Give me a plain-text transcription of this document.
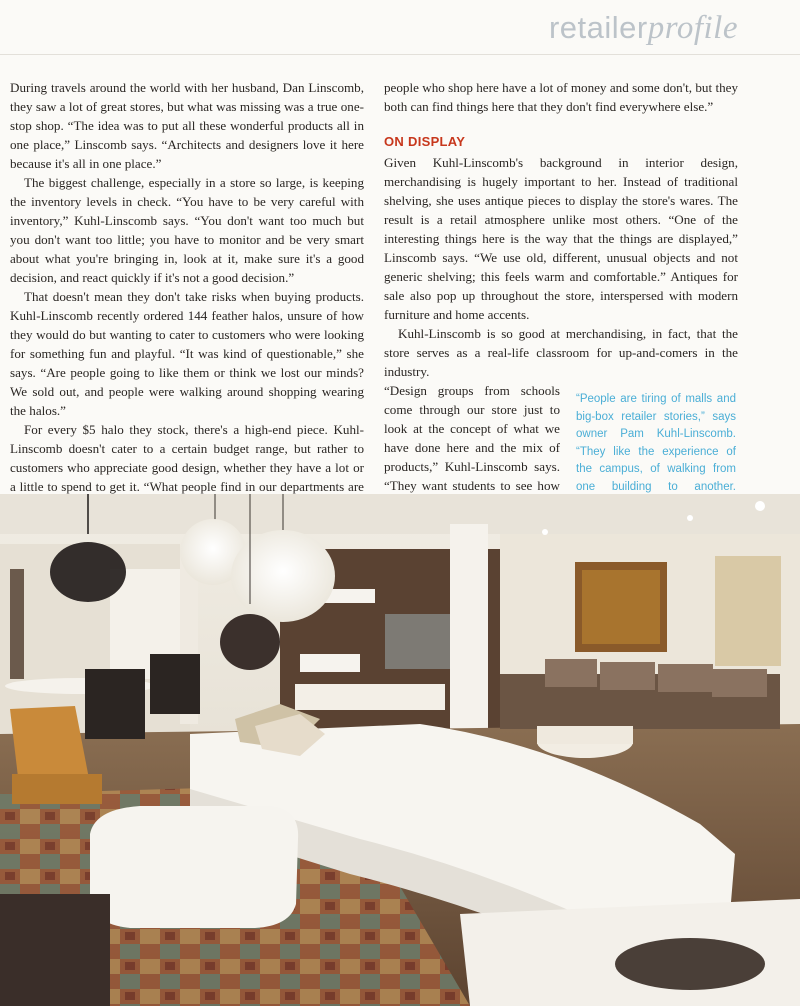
retailerprofile

During travels around the world with her husband, Dan Linscomb, they saw a lot of great stores, but what was missing was a true one-stop shop. “The idea was to put all these wonderful products all in one place,” Linscomb says. “Architects and designers love it here because it's all in one place.”

The biggest challenge, especially in a store so large, is keeping the inventory levels in check. “You have to be very careful with inventory,” Kuhl-Linscomb says. “You don't want too much but you don't want too little; you have to monitor and be very smart about what you're bringing in, look at it, make sure it's a good decision, and react quickly if it's not a good decision.”

That doesn't mean they don't take risks when buying products. Kuhl-Linscomb recently ordered 144 feather halos, unsure of how they would do but wanting to cater to customers who were looking for something fun and playful. “It was kind of questionable,” she says. “Are people going to like them or think we lost our minds? We sold out, and people were walking around shopping wearing the halos.”

For every $5 halo they stock, there's a high-end piece. Kuhl-Linscomb doesn't cater to a certain budget range, but rather to customers who appreciate good design, whether they have a lot or a little to spend to get it. “What people find in our departments are

people who shop here have a lot of money and some don't, but they both can find things here that they don't find everywhere else.”

ON DISPLAY

Given Kuhl-Linscomb's background in interior design, merchandising is hugely important to her. Instead of traditional shelving, she uses antique pieces to display the store's wares. The result is a retail atmosphere unlike most others. “One of the interesting things here is the way that the things are displayed,” Linscomb says. “We use old, different, unusual objects and not generic shelving; this feels warm and comfortable.” Antiques for sale also pop up throughout the store, interspersed with modern furniture and home accents.

Kuhl-Linscomb is so good at merchandising, in fact, that the store serves as a real-life classroom for up-and-comers in the industry.

“Design groups from schools come through our store just to look at the concept of what we have done here and the mix of products,” Kuhl-Linscomb says. “They want students to see how

“People are tiring of malls and big-box retailer stories,” says owner Pam Kuhl-Linscomb. “They like the experience of the campus, of walking from one building to another.
